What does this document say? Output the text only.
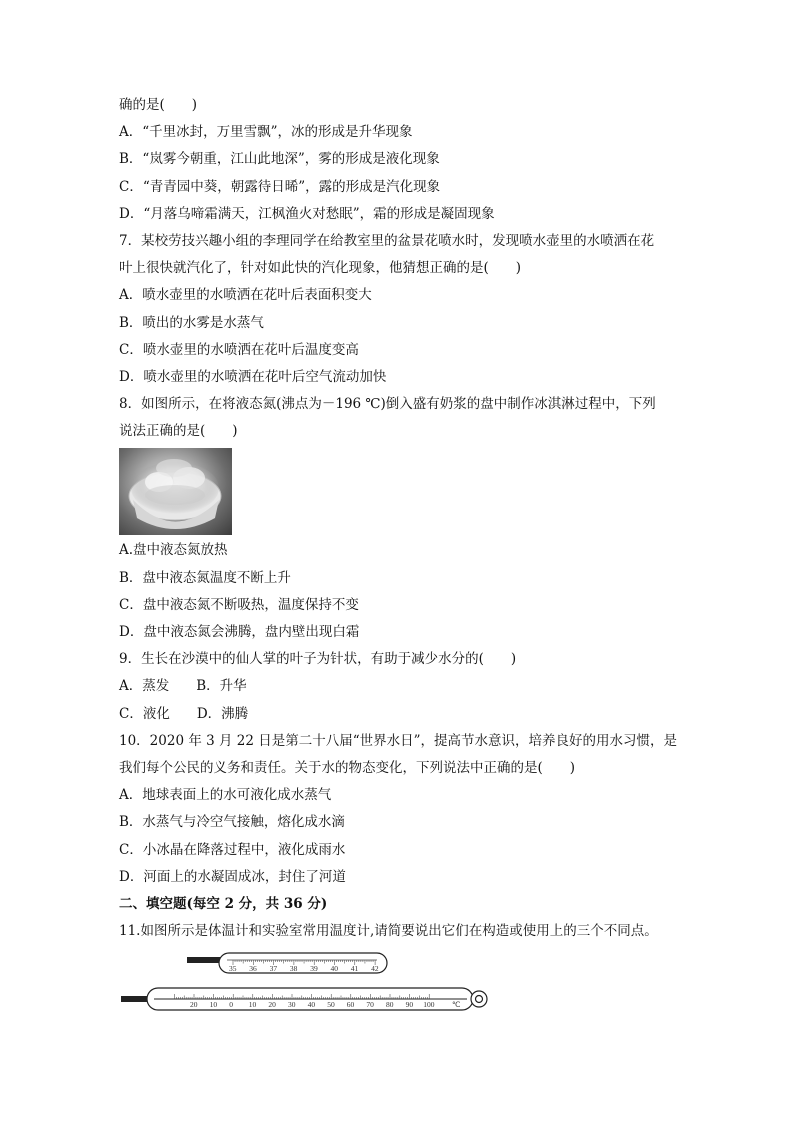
确的是(　　)
A．“千里冰封，万里雪飘”，冰的形成是升华现象
B．“岚雾今朝重，江山此地深”，雾的形成是液化现象
C．“青青园中葵，朝露待日晞”，露的形成是汽化现象
D．“月落乌啼霜满天，江枫渔火对愁眠”，霜的形成是凝固现象
7．某校劳技兴趣小组的李理同学在给教室里的盆景花喷水时，发现喷水壶里的水喷洒在花
叶上很快就汽化了，针对如此快的汽化现象，他猜想正确的是(　　)
A．喷水壶里的水喷洒在花叶后表面积变大
B．喷出的水雾是水蒸气
C．喷水壶里的水喷洒在花叶后温度变高
D．喷水壶里的水喷洒在花叶后空气流动加快
8．如图所示，在将液态氮(沸点为－196 ℃)倒入盛有奶浆的盘中制作冰淇淋过程中，下列
说法正确的是(　　)
A.盘中液态氮放热
B．盘中液态氮温度不断上升
C．盘中液态氮不断吸热，温度保持不变
D．盘中液态氮会沸腾，盘内壁出现白霜
9．生长在沙漠中的仙人掌的叶子为针状，有助于减少水分的(　　)
A．蒸发　　B．升华
C．液化　　D．沸腾
10．2020 年 3 月 22 日是第二十八届“世界水日”，提高节水意识，培养良好的用水习惯，是
我们每个公民的义务和责任。关于水的物态变化，下列说法中正确的是(　　)
A．地球表面上的水可液化成水蒸气
B．水蒸气与冷空气接触，熔化成水滴
C．小冰晶在降落过程中，液化成雨水
D．河面上的水凝固成冰，封住了河道
二、填空题(每空 2 分，共 36 分)
11.如图所示是体温计和实验室常用温度计,请简要说出它们在构造或使用上的三个不同点。
35 36 37 38 39 40 41 42
20 10 0 10 20 30 40 50 60 70 80 90 100 ℃
